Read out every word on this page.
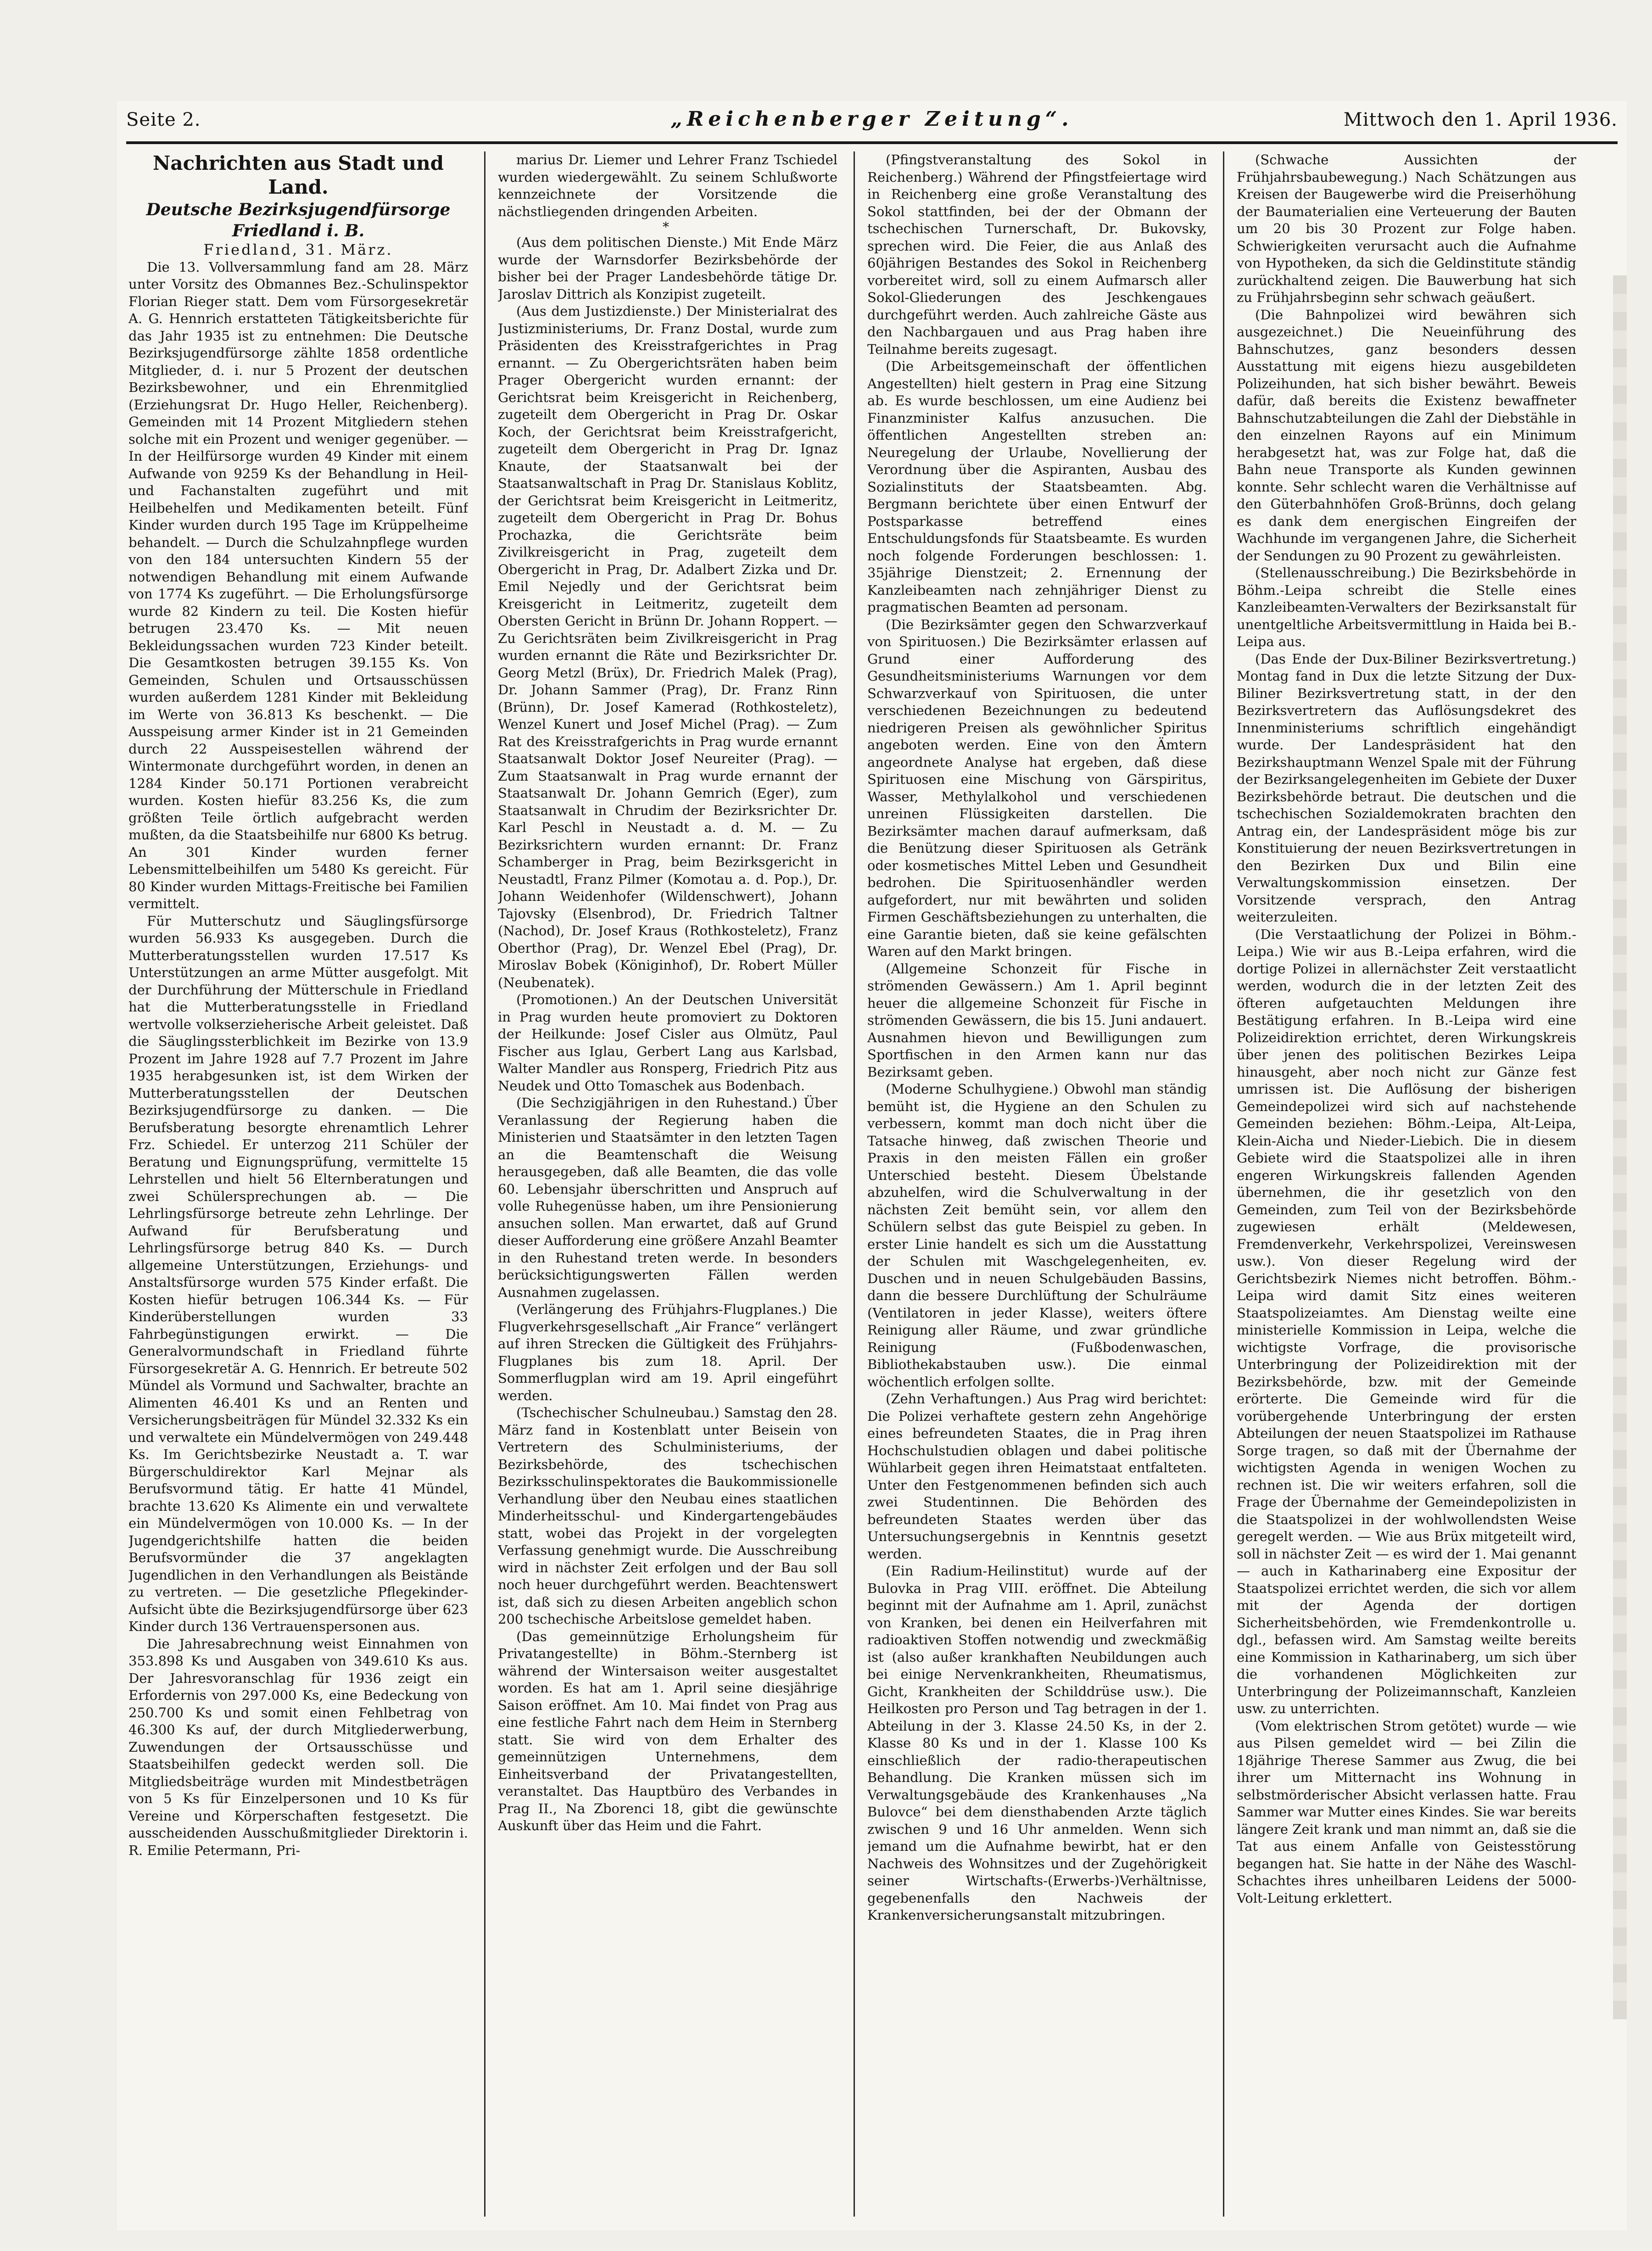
Seite 2.	„Reichenberger Zeitung“.	Mittwoch den 1. April 1936.

Nachrichten aus Stadt und Land.

Deutsche Bezirksjugendfürsorge Friedland i. B.

Friedland, 31. März.

Die 13. Vollversammlung fand am 28. März unter Vorsitz des Obmannes Bez.-Schulinspektor Florian Rieger statt. Dem vom Fürsorgesekretär A. G. Hennrich erstatteten Tätigkeitsberichte für das Jahr 1935 ist zu entnehmen: Die Deutsche Bezirksjugendfürsorge zählte 1858 ordentliche Mitglieder, d. i. nur 5 Prozent der deutschen Bezirksbewohner, und ein Ehrenmitglied (Erziehungsrat Dr. Hugo Heller, Reichenberg). Gemeinden mit 14 Prozent Mitgliedern stehen solche mit ein Prozent und weniger gegenüber. — In der Heilfürsorge wurden 49 Kinder mit einem Aufwande von 9259 Ks der Behandlung in Heil- und Fachanstalten zugeführt und mit Heilbehelfen und Medikamenten beteilt. Fünf Kinder wurden durch 195 Tage im Krüppelheime behandelt. — Durch die Schulzahnpflege wurden von den 184 untersuchten Kindern 55 der notwendigen Behandlung mit einem Aufwande von 1774 Ks zugeführt. — Die Erholungsfürsorge wurde 82 Kindern zu teil. Die Kosten hiefür betrugen 23.470 Ks. — Mit neuen Bekleidungssachen wurden 723 Kinder beteilt. Die Gesamtkosten betrugen 39.155 Ks. Von Gemeinden, Schulen und Ortsausschüssen wurden außerdem 1281 Kinder mit Bekleidung im Werte von 36.813 Ks beschenkt. — Die Ausspeisung armer Kinder ist in 21 Gemeinden durch 22 Ausspeisestellen während der Wintermonate durchgeführt worden, in denen an 1284 Kinder 50.171 Portionen verabreicht wurden. Kosten hiefür 83.256 Ks, die zum größten Teile örtlich aufgebracht werden mußten, da die Staatsbeihilfe nur 6800 Ks betrug. An 301 Kinder wurden ferner Lebensmittelbeihilfen um 5480 Ks gereicht. Für 80 Kinder wurden Mittags-Freitische bei Familien vermittelt.

Für Mutterschutz und Säuglingsfürsorge wurden 56.933 Ks ausgegeben. Durch die Mutterberatungsstellen wurden 17.517 Ks Unterstützungen an arme Mütter ausgefolgt. Mit der Durchführung der Mütterschule in Friedland hat die Mutterberatungsstelle in Friedland wertvolle volkserzieherische Arbeit geleistet. Daß die Säuglingssterblichkeit im Bezirke von 13.9 Prozent im Jahre 1928 auf 7.7 Prozent im Jahre 1935 herabgesunken ist, ist dem Wirken der Mutterberatungsstellen der Deutschen Bezirksjugendfürsorge zu danken. — Die Berufsberatung besorgte ehrenamtlich Lehrer Frz. Schiedel. Er unterzog 211 Schüler der Beratung und Eignungsprüfung, vermittelte 15 Lehrstellen und hielt 56 Elternberatungen und zwei Schülersprechungen ab. — Die Lehrlingsfürsorge betreute zehn Lehrlinge. Der Aufwand für Berufsberatung und Lehrlingsfürsorge betrug 840 Ks. — Durch allgemeine Unterstützungen, Erziehungs- und Anstaltsfürsorge wurden 575 Kinder erfaßt. Die Kosten hiefür betrugen 106.344 Ks. — Für Kinderüberstellungen wurden 33 Fahrbegünstigungen erwirkt. — Die Generalvormundschaft in Friedland führte Fürsorgesekretär A. G. Hennrich. Er betreute 502 Mündel als Vormund und Sachwalter, brachte an Alimenten 46.401 Ks und an Renten und Versicherungsbeiträgen für Mündel 32.332 Ks ein und verwaltete ein Mündelvermögen von 249.448 Ks. Im Gerichtsbezirke Neustadt a. T. war Bürgerschuldirektor Karl Mejnar als Berufsvormund tätig. Er hatte 41 Mündel, brachte 13.620 Ks Alimente ein und verwaltete ein Mündelvermögen von 10.000 Ks. — In der Jugendgerichtshilfe hatten die beiden Berufsvormünder die 37 angeklagten Jugendlichen in den Verhandlungen als Beistände zu vertreten. — Die gesetzliche Pflegekinder-Aufsicht übte die Bezirksjugendfürsorge über 623 Kinder durch 136 Vertrauenspersonen aus.

Die Jahresabrechnung weist Einnahmen von 353.898 Ks und Ausgaben von 349.610 Ks aus. Der Jahresvoranschlag für 1936 zeigt ein Erfordernis von 297.000 Ks, eine Bedeckung von 250.700 Ks und somit einen Fehlbetrag von 46.300 Ks auf, der durch Mitgliederwerbung, Zuwendungen der Ortsausschüsse und Staatsbeihilfen gedeckt werden soll. Die Mitgliedsbeiträge wurden mit Mindestbeträgen von 5 Ks für Einzelpersonen und 10 Ks für Vereine und Körperschaften festgesetzt. Die ausscheidenden Ausschußmitglieder Direktorin i. R. Emilie Petermann, Pri-

marius Dr. Liemer und Lehrer Franz Tschiedel wurden wiedergewählt. Zu seinem Schlußworte kennzeichnete der Vorsitzende die nächstliegenden dringenden Arbeiten.

*

(Aus dem politischen Dienste.) Mit Ende März wurde der Warnsdorfer Bezirksbehörde der bisher bei der Prager Landesbehörde tätige Dr. Jaroslav Dittrich als Konzipist zugeteilt.

(Aus dem Justizdienste.) Der Ministerialrat des Justizministeriums, Dr. Franz Dostal, wurde zum Präsidenten des Kreisstrafgerichtes in Prag ernannt. — Zu Obergerichtsräten haben beim Prager Obergericht wurden ernannt: der Gerichtsrat beim Kreisgericht in Reichenberg, zugeteilt dem Obergericht in Prag Dr. Oskar Koch, der Gerichtsrat beim Kreisstrafgericht, zugeteilt dem Obergericht in Prag Dr. Ignaz Knaute, der Staatsanwalt bei der Staatsanwaltschaft in Prag Dr. Stanislaus Koblitz, der Gerichtsrat beim Kreisgericht in Leitmeritz, zugeteilt dem Obergericht in Prag Dr. Bohus Prochazka, die Gerichtsräte beim Zivilkreisgericht in Prag, zugeteilt dem Obergericht in Prag, Dr. Adalbert Zizka und Dr. Emil Nejedly und der Gerichtsrat beim Kreisgericht in Leitmeritz, zugeteilt dem Obersten Gericht in Brünn Dr. Johann Roppert. — Zu Gerichtsräten beim Zivilkreisgericht in Prag wurden ernannt die Räte und Bezirksrichter Dr. Georg Metzl (Brüx), Dr. Friedrich Malek (Prag), Dr. Johann Sammer (Prag), Dr. Franz Rinn (Brünn), Dr. Josef Kamerad (Rothkosteletz), Wenzel Kunert und Josef Michel (Prag). — Zum Rat des Kreisstrafgerichts in Prag wurde ernannt Staatsanwalt Doktor Josef Neureiter (Prag). — Zum Staatsanwalt in Prag wurde ernannt der Staatsanwalt Dr. Johann Gemrich (Eger), zum Staatsanwalt in Chrudim der Bezirksrichter Dr. Karl Peschl in Neustadt a. d. M. — Zu Bezirksrichtern wurden ernannt: Dr. Franz Schamberger in Prag, beim Bezirksgericht in Neustadtl, Franz Pilmer (Komotau a. d. Pop.), Dr. Johann Weidenhofer (Wildenschwert), Johann Tajovsky (Elsenbrod), Dr. Friedrich Taltner (Nachod), Dr. Josef Kraus (Rothkosteletz), Franz Oberthor (Prag), Dr. Wenzel Ebel (Prag), Dr. Miroslav Bobek (Königinhof), Dr. Robert Müller (Neubenatek).

(Promotionen.) An der Deutschen Universität in Prag wurden heute promoviert zu Doktoren der Heilkunde: Josef Cisler aus Olmütz, Paul Fischer aus Iglau, Gerbert Lang aus Karlsbad, Walter Mandler aus Ronsperg, Friedrich Pitz aus Neudek und Otto Tomaschek aus Bodenbach.

(Die Sechzigjährigen in den Ruhestand.) Über Veranlassung der Regierung haben die Ministerien und Staatsämter in den letzten Tagen an die Beamtenschaft die Weisung herausgegeben, daß alle Beamten, die das volle 60. Lebensjahr überschritten und Anspruch auf volle Ruhegenüsse haben, um ihre Pensionierung ansuchen sollen. Man erwartet, daß auf Grund dieser Aufforderung eine größere Anzahl Beamter in den Ruhestand treten werde. In besonders berücksichtigungswerten Fällen werden Ausnahmen zugelassen.

(Verlängerung des Frühjahrs-Flugplanes.) Die Flugverkehrsgesellschaft „Air France“ verlängert auf ihren Strecken die Gültigkeit des Frühjahrs-Flugplanes bis zum 18. April. Der Sommerflugplan wird am 19. April eingeführt werden.

(Tschechischer Schulneubau.) Samstag den 28. März fand in Kostenblatt unter Beisein von Vertretern des Schulministeriums, der Bezirksbehörde, des tschechischen Bezirksschulinspektorates die Baukommissionelle Verhandlung über den Neubau eines staatlichen Minderheitsschul- und Kindergartengebäudes statt, wobei das Projekt in der vorgelegten Verfassung genehmigt wurde. Die Ausschreibung wird in nächster Zeit erfolgen und der Bau soll noch heuer durchgeführt werden. Beachtenswert ist, daß sich zu diesen Arbeiten angeblich schon 200 tschechische Arbeitslose gemeldet haben.

(Das gemeinnützige Erholungsheim für Privatangestellte) in Böhm.-Sternberg ist während der Wintersaison weiter ausgestaltet worden. Es hat am 1. April seine diesjährige Saison eröffnet. Am 10. Mai findet von Prag aus eine festliche Fahrt nach dem Heim in Sternberg statt. Sie wird von dem Erhalter des gemeinnützigen Unternehmens, dem Einheitsverband der Privatangestellten, veranstaltet. Das Hauptbüro des Verbandes in Prag II., Na Zborenci 18, gibt die gewünschte Auskunft über das Heim und die Fahrt.

(Pfingstveranstaltung des Sokol in Reichenberg.) Während der Pfingstfeiertage wird in Reichenberg eine große Veranstaltung des Sokol stattfinden, bei der der Obmann der tschechischen Turnerschaft, Dr. Bukovsky, sprechen wird. Die Feier, die aus Anlaß des 60jährigen Bestandes des Sokol in Reichenberg vorbereitet wird, soll zu einem Aufmarsch aller Sokol-Gliederungen des Jeschkengaues durchgeführt werden. Auch zahlreiche Gäste aus den Nachbargauen und aus Prag haben ihre Teilnahme bereits zugesagt.

(Die Arbeitsgemeinschaft der öffentlichen Angestellten) hielt gestern in Prag eine Sitzung ab. Es wurde beschlossen, um eine Audienz bei Finanzminister Kalfus anzusuchen. Die öffentlichen Angestellten streben an: Neuregelung der Urlaube, Novellierung der Verordnung über die Aspiranten, Ausbau des Sozialinstituts der Staatsbeamten. Abg. Bergmann berichtete über einen Entwurf der Postsparkasse betreffend eines Entschuldungsfonds für Staatsbeamte. Es wurden noch folgende Forderungen beschlossen: 1. 35jährige Dienstzeit; 2. Ernennung der Kanzleibeamten nach zehnjähriger Dienst zu pragmatischen Beamten ad personam.

(Die Bezirksämter gegen den Schwarzverkauf von Spirituosen.) Die Bezirksämter erlassen auf Grund einer Aufforderung des Gesundheitsministeriums Warnungen vor dem Schwarzverkauf von Spirituosen, die unter verschiedenen Bezeichnungen zu bedeutend niedrigeren Preisen als gewöhnlicher Spiritus angeboten werden. Eine von den Ämtern angeordnete Analyse hat ergeben, daß diese Spirituosen eine Mischung von Gärspiritus, Wasser, Methylalkohol und verschiedenen unreinen Flüssigkeiten darstellen. Die Bezirksämter machen darauf aufmerksam, daß die Benützung dieser Spirituosen als Getränk oder kosmetisches Mittel Leben und Gesundheit bedrohen. Die Spirituosenhändler werden aufgefordert, nur mit bewährten und soliden Firmen Geschäftsbeziehungen zu unterhalten, die eine Garantie bieten, daß sie keine gefälschten Waren auf den Markt bringen.

(Allgemeine Schonzeit für Fische in strömenden Gewässern.) Am 1. April beginnt heuer die allgemeine Schonzeit für Fische in strömenden Gewässern, die bis 15. Juni andauert. Ausnahmen hievon und Bewilligungen zum Sportfischen in den Armen kann nur das Bezirksamt geben.

(Moderne Schulhygiene.) Obwohl man ständig bemüht ist, die Hygiene an den Schulen zu verbessern, kommt man doch nicht über die Tatsache hinweg, daß zwischen Theorie und Praxis in den meisten Fällen ein großer Unterschied besteht. Diesem Übelstande abzuhelfen, wird die Schulverwaltung in der nächsten Zeit bemüht sein, vor allem den Schülern selbst das gute Beispiel zu geben. In erster Linie handelt es sich um die Ausstattung der Schulen mit Waschgelegenheiten, ev. Duschen und in neuen Schulgebäuden Bassins, dann die bessere Durchlüftung der Schulräume (Ventilatoren in jeder Klasse), weiters öftere Reinigung aller Räume, und zwar gründliche Reinigung (Fußbodenwaschen, Bibliothekabstauben usw.). Die einmal wöchentlich erfolgen sollte.

(Zehn Verhaftungen.) Aus Prag wird berichtet: Die Polizei verhaftete gestern zehn Angehörige eines befreundeten Staates, die in Prag ihren Hochschulstudien oblagen und dabei politische Wühlarbeit gegen ihren Heimatstaat entfalteten. Unter den Festgenommenen befinden sich auch zwei Studentinnen. Die Behörden des befreundeten Staates werden über das Untersuchungsergebnis in Kenntnis gesetzt werden.

(Ein Radium-Heilinstitut) wurde auf der Bulovka in Prag VIII. eröffnet. Die Abteilung beginnt mit der Aufnahme am 1. April, zunächst von Kranken, bei denen ein Heilverfahren mit radioaktiven Stoffen notwendig und zweckmäßig ist (also außer krankhaften Neubildungen auch bei einige Nervenkrankheiten, Rheumatismus, Gicht, Krankheiten der Schilddrüse usw.). Die Heilkosten pro Person und Tag betragen in der 1. Abteilung in der 3. Klasse 24.50 Ks, in der 2. Klasse 80 Ks und in der 1. Klasse 100 Ks einschließlich der radio-therapeutischen Behandlung. Die Kranken müssen sich im Verwaltungsgebäude des Krankenhauses „Na Bulovce“ bei dem diensthabenden Arzte täglich zwischen 9 und 16 Uhr anmelden. Wenn sich jemand um die Aufnahme bewirbt, hat er den Nachweis des Wohnsitzes und der Zugehörigkeit seiner Wirtschafts-(Erwerbs-)Verhältnisse, gegebenenfalls den Nachweis der Krankenversicherungsanstalt mitzubringen.

(Schwache Aussichten der Frühjahrsbaubewegung.) Nach Schätzungen aus Kreisen der Baugewerbe wird die Preiserhöhung der Baumaterialien eine Verteuerung der Bauten um 20 bis 30 Prozent zur Folge haben. Schwierigkeiten verursacht auch die Aufnahme von Hypotheken, da sich die Geldinstitute ständig zurückhaltend zeigen. Die Bauwerbung hat sich zu Frühjahrsbeginn sehr schwach geäußert.

(Die Bahnpolizei wird bewähren sich ausgezeichnet.) Die Neueinführung des Bahnschutzes, ganz besonders dessen Ausstattung mit eigens hiezu ausgebildeten Polizeihunden, hat sich bisher bewährt. Beweis dafür, daß bereits die Existenz bewaffneter Bahnschutzabteilungen die Zahl der Diebstähle in den einzelnen Rayons auf ein Minimum herabgesetzt hat, was zur Folge hat, daß die Bahn neue Transporte als Kunden gewinnen konnte. Sehr schlecht waren die Verhältnisse auf den Güterbahnhöfen Groß-Brünns, doch gelang es dank dem energischen Eingreifen der Wachhunde im vergangenen Jahre, die Sicherheit der Sendungen zu 90 Prozent zu gewährleisten.

(Stellenausschreibung.) Die Bezirksbehörde in Böhm.-Leipa schreibt die Stelle eines Kanzleibeamten-Verwalters der Bezirksanstalt für unentgeltliche Arbeitsvermittlung in Haida bei B.-Leipa aus.

(Das Ende der Dux-Biliner Bezirksvertretung.) Montag fand in Dux die letzte Sitzung der Dux-Biliner Bezirksvertretung statt, in der den Bezirksvertretern das Auflösungsdekret des Innenministeriums schriftlich eingehändigt wurde. Der Landespräsident hat den Bezirkshauptmann Wenzel Spale mit der Führung der Bezirksangelegenheiten im Gebiete der Duxer Bezirksbehörde betraut. Die deutschen und die tschechischen Sozialdemokraten brachten den Antrag ein, der Landespräsident möge bis zur Konstituierung der neuen Bezirksvertretungen in den Bezirken Dux und Bilin eine Verwaltungskommission einsetzen. Der Vorsitzende versprach, den Antrag weiterzuleiten.

(Die Verstaatlichung der Polizei in Böhm.-Leipa.) Wie wir aus B.-Leipa erfahren, wird die dortige Polizei in allernächster Zeit verstaatlicht werden, wodurch die in der letzten Zeit des öfteren aufgetauchten Meldungen ihre Bestätigung erfahren. In B.-Leipa wird eine Polizeidirektion errichtet, deren Wirkungskreis über jenen des politischen Bezirkes Leipa hinausgeht, aber noch nicht zur Gänze fest umrissen ist. Die Auflösung der bisherigen Gemeindepolizei wird sich auf nachstehende Gemeinden beziehen: Böhm.-Leipa, Alt-Leipa, Klein-Aicha und Nieder-Liebich. Die in diesem Gebiete wird die Staatspolizei alle in ihren engeren Wirkungskreis fallenden Agenden übernehmen, die ihr gesetzlich von den Gemeinden, zum Teil von der Bezirksbehörde zugewiesen erhält (Meldewesen, Fremdenverkehr, Verkehrspolizei, Vereinswesen usw.). Von dieser Regelung wird der Gerichtsbezirk Niemes nicht betroffen. Böhm.-Leipa wird damit Sitz eines weiteren Staatspolizeiamtes. Am Dienstag weilte eine ministerielle Kommission in Leipa, welche die wichtigste Vorfrage, die provisorische Unterbringung der Polizeidirektion mit der Bezirksbehörde, bzw. mit der Gemeinde erörterte. Die Gemeinde wird für die vorübergehende Unterbringung der ersten Abteilungen der neuen Staatspolizei im Rathause Sorge tragen, so daß mit der Übernahme der wichtigsten Agenda in wenigen Wochen zu rechnen ist. Die wir weiters erfahren, soll die Frage der Übernahme der Gemeindepolizisten in die Staatspolizei in der wohlwollendsten Weise geregelt werden. — Wie aus Brüx mitgeteilt wird, soll in nächster Zeit — es wird der 1. Mai genannt — auch in Katharinaberg eine Expositur der Staatspolizei errichtet werden, die sich vor allem mit der Agenda der dortigen Sicherheitsbehörden, wie Fremdenkontrolle u. dgl., befassen wird. Am Samstag weilte bereits eine Kommission in Katharinaberg, um sich über die vorhandenen Möglichkeiten zur Unterbringung der Polizeimannschaft, Kanzleien usw. zu unterrichten.

(Vom elektrischen Strom getötet) wurde — wie aus Pilsen gemeldet wird — bei Zilin die 18jährige Therese Sammer aus Zwug, die bei ihrer um Mitternacht ins Wohnung in selbstmörderischer Absicht verlassen hatte. Frau Sammer war Mutter eines Kindes. Sie war bereits längere Zeit krank und man nimmt an, daß sie die Tat aus einem Anfalle von Geistesstörung begangen hat. Sie hatte in der Nähe des Waschl-Schachtes ihres unheilbaren Leidens der 5000-Volt-Leitung erklettert.
